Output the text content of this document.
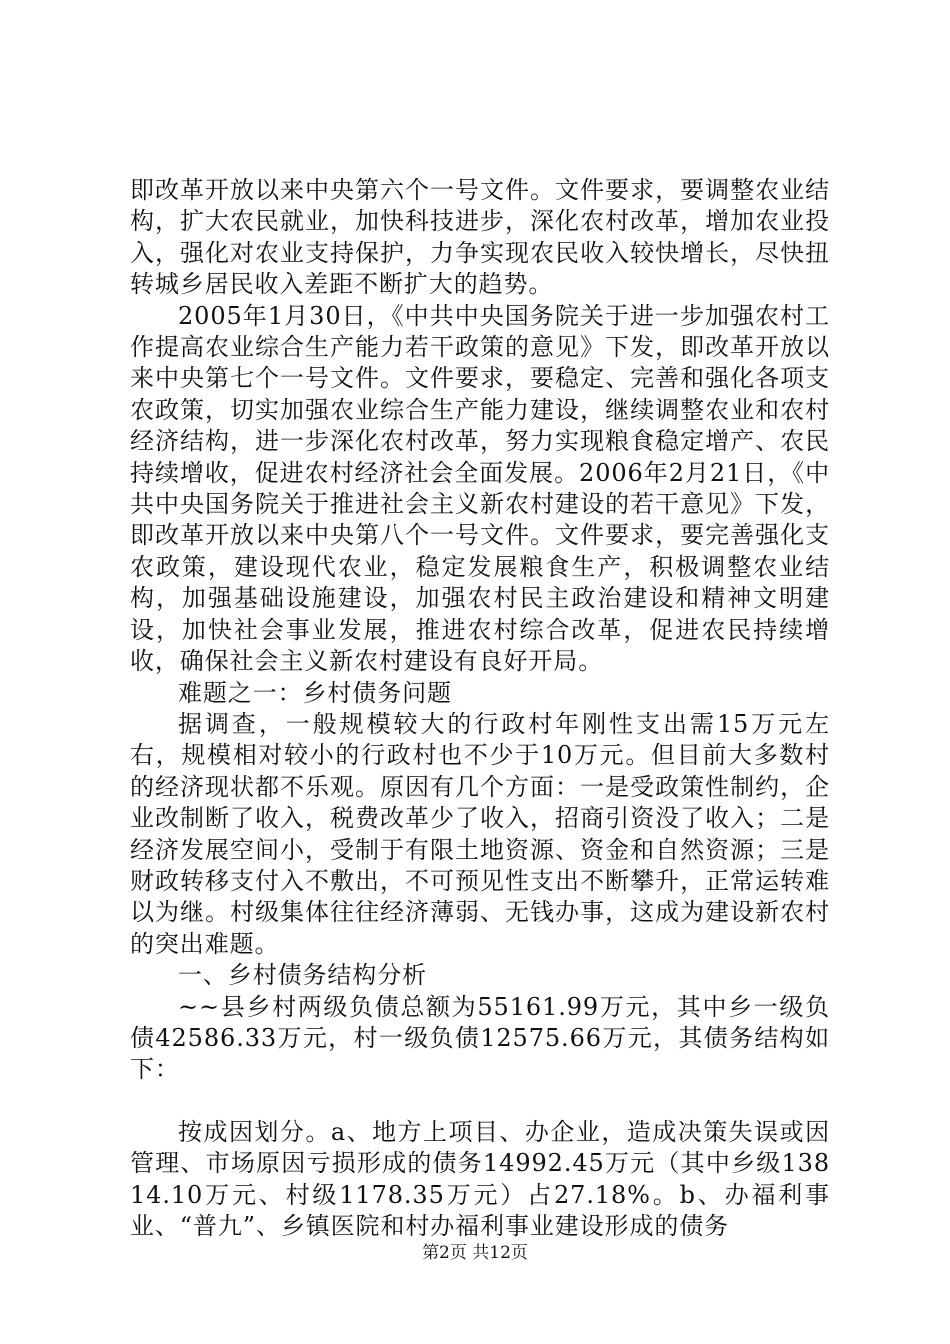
即改革开放以来中央第六个一号文件。文件要求，要调整农业结构，扩大农民就业，加快科技进步，深化农村改革，增加农业投入，强化对农业支持保护，力争实现农民收入较快增长，尽快扭转城乡居民收入差距不断扩大的趋势。

2005年1月30日，《中共中央国务院关于进一步加强农村工作提高农业综合生产能力若干政策的意见》下发，即改革开放以来中央第七个一号文件。文件要求，要稳定、完善和强化各项支农政策，切实加强农业综合生产能力建设，继续调整农业和农村经济结构，进一步深化农村改革，努力实现粮食稳定增产、农民持续增收，促进农村经济社会全面发展。2006年2月21日，《中共中央国务院关于推进社会主义新农村建设的若干意见》下发，即改革开放以来中央第八个一号文件。文件要求，要完善强化支农政策，建设现代农业，稳定发展粮食生产，积极调整农业结构，加强基础设施建设，加强农村民主政治建设和精神文明建设，加快社会事业发展，推进农村综合改革，促进农民持续增收，确保社会主义新农村建设有良好开局。

难题之一：乡村债务问题

据调查，一般规模较大的行政村年刚性支出需15万元左右，规模相对较小的行政村也不少于10万元。但目前大多数村的经济现状都不乐观。原因有几个方面：一是受政策性制约，企业改制断了收入，税费改革少了收入，招商引资没了收入；二是经济发展空间小，受制于有限土地资源、资金和自然资源；三是财政转移支付入不敷出，不可预见性支出不断攀升，正常运转难以为继。村级集体往往经济薄弱、无钱办事，这成为建设新农村的突出难题。

一、乡村债务结构分析

~~县乡村两级负债总额为55161.99万元，其中乡一级负债42586.33万元，村一级负债12575.66万元，其债务结构如下：

按成因划分。a、地方上项目、办企业，造成决策失误或因管理、市场原因亏损形成的债务14992.45万元（其中乡级13814.10万元、村级1178.35万元）占27.18%。b、办福利事业、“普九”、乡镇医院和村办福利事业建设形成的债务

第2页 共12页
